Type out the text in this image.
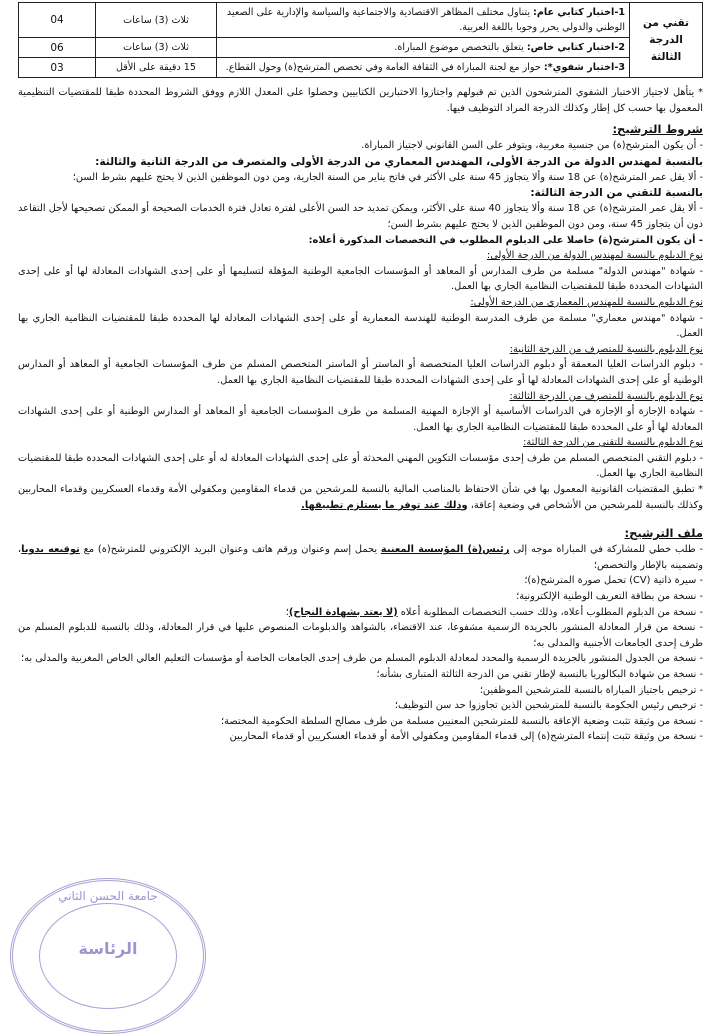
تقني من الدرجة الثالثة	1-اختبار كتابي عام: يتناول مختلف المظاهر الاقتصادية والاجتماعية والسياسة والإدارية على الصعيد الوطني والدولي يحرر وجوبا باللغة العربية.	ثلاث (3) ساعات	04
	2-اختبار كتابي خاص: يتعلق بالتخصص موضوع المباراة.	ثلاث (3) ساعات	06
	3-اختبار شفوي*: حوار مع لجنة المباراة في الثقافة العامة وفي تخصص المترشح(ة) وحول القطاع.	15 دقيقة على الأقل	03

* يتأهل لاجتياز الاختبار الشفوي المترشحون الذين تم قبولهم واجتازوا الاختبارين الكتابيين وحصلوا على المعدل اللازم ووفق الشروط المحددة طبقا للمقتضيات التنظيمية المعمول بها حسب كل إطار وكذلك الدرجة المراد التوظيف فيها.

شروط الترشيح:

- أن يكون المترشح(ة) من جنسية مغربية، ويتوفر على السن القانوني لاجتياز المباراة.

بالنسبة لمهندس الدولة من الدرجة الأولى، المهندس المعماري من الدرجة الأولى والمتصرف من الدرجة الثانية والثالثة:

- ألا يقل عمر المترشح(ة) عن 18 سنة وألا يتجاوز 45 سنة على الأكثر في فاتح يناير من السنة الجارية، ومن دون الموظفين الذين لا يحتج عليهم بشرط السن؛

بالنسبة للتقني من الدرجة الثالثة:

- ألا يقل عمر المترشح(ة) عن 18 سنة وألا يتجاوز 40 سنة على الأكثر، ويمكن تمديد حد السن الأعلى لفترة تعادل فترة الخدمات الصحيحة أو الممكن تصحيحها لأجل التقاعد دون أن يتجاوز 45 سنة، ومن دون الموظفين الذين لا يحتج عليهم بشرط السن؛

- أن يكون المترشح(ة) حاصلا على الدبلوم المطلوب في التخصصات المذكورة أعلاه:

نوع الدبلوم بالنسبة لمهندس الدولة من الدرجة الأولى:

- شهادة "مهندس الدولة" مسلمة من طرف المدارس أو المعاهد أو المؤسسات الجامعية الوطنية المؤهلة لتسليمها أو على إحدى الشهادات المعادلة لها أو على إحدى الشهادات المحددة طبقا للمقتضيات النظامية الجاري بها العمل.

نوع الدبلوم بالنسبة للمهندس المعماري من الدرجة الأولى:

- شهادة "مهندس معماري" مسلمة من طرف المدرسة الوطنية للهندسة المعمارية أو على إحدى الشهادات المعادلة لها المحددة طبقا للمقتضيات النظامية الجاري بها العمل.

نوع الدبلوم بالنسبة للمتصرف من الدرجة الثانية:

- دبلوم الدراسات العليا المعمقة أو دبلوم الدراسات العليا المتخصصة أو الماستر أو الماستر المتخصص المسلم من طرف المؤسسات الجامعية أو المعاهد أو المدارس الوطنية أو على إحدى الشهادات المعادلة لها أو على إحدى الشهادات المحددة طبقا للمقتضيات النظامية الجاري بها العمل.

نوع الدبلوم بالنسبة للمتصرف من الدرجة الثالثة:

- شهادة الإجازة أو الإجازة في الدراسات الأساسية أو الإجازة المهنية المسلمة من طرف المؤسسات الجامعية أو المعاهد أو المدارس الوطنية أو على إحدى الشهادات المعادلة لها أو على المحددة طبقا للمقتضيات النظامية الجاري بها العمل.

نوع الدبلوم بالنسبة للتقني من الدرجة الثالثة:

- دبلوم التقني المتخصص المسلم من طرف إحدى مؤسسات التكوين المهني المحدثة أو على إحدى الشهادات المعادلة له أو على إحدى الشهادات المحددة طبقا للمقتضيات النظامية الجاري بها العمل.

* تطبق المقتضيات القانونية المعمول بها في شأن الاحتفاظ بالمناصب المالية بالنسبة للمرشحين من قدماء المقاومين ومكفولي الأمة وقدماء العسكريين وقدماء المحاربين وكذلك بالنسبة للمرشحين من الأشخاص في وضعية إعاقة، وذلك عند توفر ما يستلزم تطبيقها.

ملف الترشيح:

- طلب خطي للمشاركة في المباراة موجه إلى رئيس(ة) المؤسسة المعنية يحمل إسم وعنوان ورقم هاتف وعنوان البريد الإلكتروني للمترشح(ة) مع توقيعه يدويا، وتضمينه بالإطار والتخصص؛

- سيرة ذاتية (CV) تحمل صورة المترشح(ة)؛

- نسخة من بطاقة التعريف الوطنية الإلكترونية؛

- نسخة من الدبلوم المطلوب أعلاه، وذلك حسب التخصصات المطلوبة أعلاه (لا يعتد بشهادة النجاح)؛

- نسخة من قرار المعادلة المنشور بالجريدة الرسمية مشفوعا، عند الاقتضاء، بالشواهد والدبلومات المنصوص عليها في قرار المعادلة، وذلك بالنسبة للدبلوم المسلم من طرف إحدى الجامعات الأجنبية والمدلى به؛

- نسخة من الجدول المنشور بالجريدة الرسمية والمحدد لمعادلة الدبلوم المسلم من طرف إحدى الجامعات الخاصة أو مؤسسات التعليم العالي الخاص المغربية والمدلى به؛

- نسخة من شهادة البكالوريا بالنسبة لإطار تقني من الدرجة الثالثة المتبارى بشأنه؛

- ترخيص باجتياز المباراة بالنسبة للمترشحين الموظفين؛

- ترخيص رئيس الحكومة بالنسبة للمترشحين الذين تجاوزوا حد سن التوظيف؛

- نسخة من وثيقة تثبت وضعية الإعاقة بالنسبة للمترشحين المعنيين مسلمة من طرف مصالح السلطة الحكومية المختصة؛

- نسخة من وثيقة تثبت إنتماء المترشح(ة) إلى قدماء المقاومين ومكفولي الأمة أو قدماء العسكريين أو قدماء المحاربين

جامعة الحسن الثاني
الرئاسة
